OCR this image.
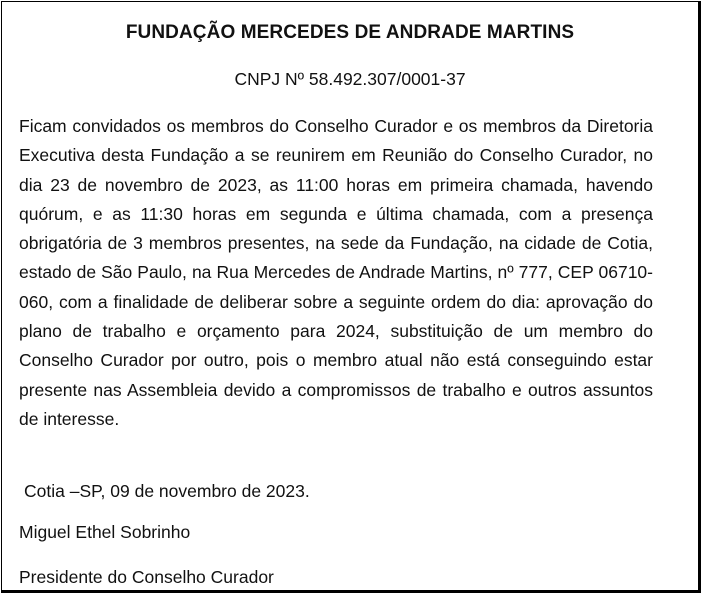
FUNDAÇÃO MERCEDES DE ANDRADE MARTINS
CNPJ Nº 58.492.307/0001-37

Ficam convidados os membros do Conselho Curador e os membros da Diretoria Executiva desta Fundação a se reunirem em Reunião do Conselho Curador, no dia 23 de novembro de 2023, as 11:00 horas em primeira chamada, havendo quórum, e as 11:30 horas em segunda e última chamada, com a presença obrigatória de 3 membros presentes, na sede da Fundação, na cidade de Cotia, estado de São Paulo, na Rua Mercedes de Andrade Martins, nº 777, CEP 06710-060, com a finalidade de deliberar sobre a seguinte ordem do dia: aprovação do plano de trabalho e orçamento para 2024, substituição de um membro do Conselho Curador por outro, pois o membro atual não está conseguindo estar presente nas Assembleia devido a compromissos de trabalho e outros assuntos de interesse.

Cotia –SP, 09 de novembro de 2023.

Miguel Ethel Sobrinho

Presidente do Conselho Curador
